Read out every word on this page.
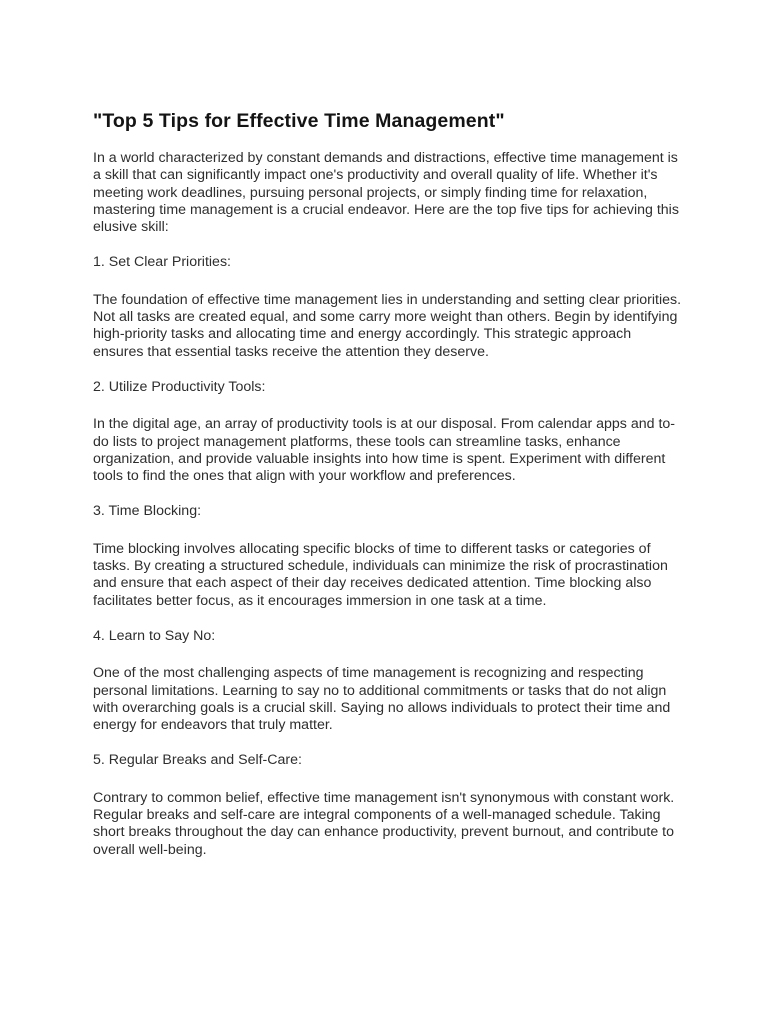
"Top 5 Tips for Effective Time Management"

In a world characterized by constant demands and distractions, effective time management is a skill that can significantly impact one's productivity and overall quality of life. Whether it's meeting work deadlines, pursuing personal projects, or simply finding time for relaxation, mastering time management is a crucial endeavor. Here are the top five tips for achieving this elusive skill:

1. Set Clear Priorities:

The foundation of effective time management lies in understanding and setting clear priorities. Not all tasks are created equal, and some carry more weight than others. Begin by identifying high-priority tasks and allocating time and energy accordingly. This strategic approach ensures that essential tasks receive the attention they deserve.

2. Utilize Productivity Tools:

In the digital age, an array of productivity tools is at our disposal. From calendar apps and to-do lists to project management platforms, these tools can streamline tasks, enhance organization, and provide valuable insights into how time is spent. Experiment with different tools to find the ones that align with your workflow and preferences.

3. Time Blocking:

Time blocking involves allocating specific blocks of time to different tasks or categories of tasks. By creating a structured schedule, individuals can minimize the risk of procrastination and ensure that each aspect of their day receives dedicated attention. Time blocking also facilitates better focus, as it encourages immersion in one task at a time.

4. Learn to Say No:

One of the most challenging aspects of time management is recognizing and respecting personal limitations. Learning to say no to additional commitments or tasks that do not align with overarching goals is a crucial skill. Saying no allows individuals to protect their time and energy for endeavors that truly matter.

5. Regular Breaks and Self-Care:

Contrary to common belief, effective time management isn't synonymous with constant work. Regular breaks and self-care are integral components of a well-managed schedule. Taking short breaks throughout the day can enhance productivity, prevent burnout, and contribute to overall well-being.
